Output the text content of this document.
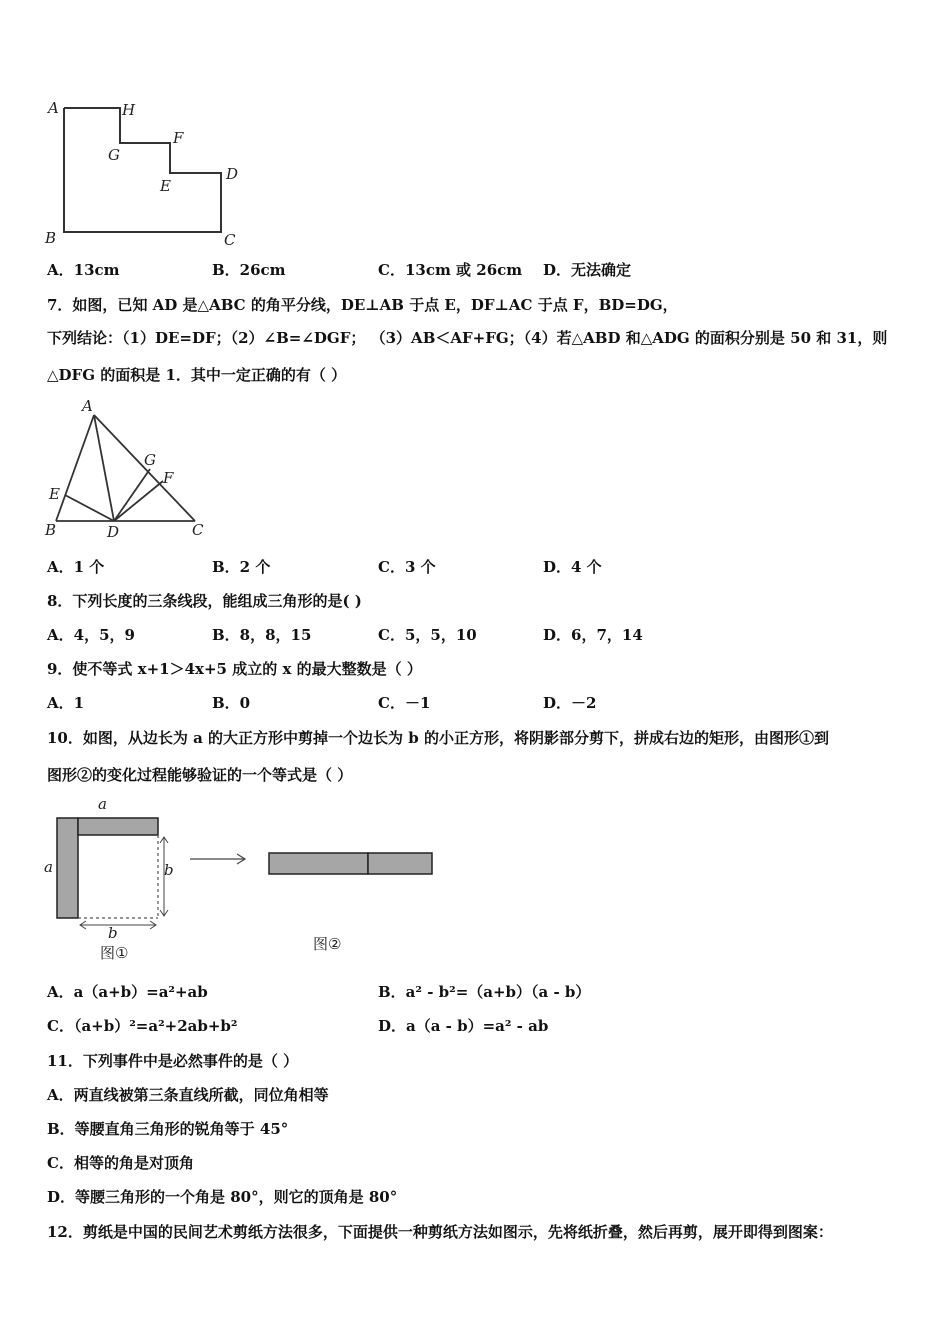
A	H
G
F
E
D
B	C
A．13cm	B．26cm	C．13cm 或 26cm D．无法确定
7．如图，已知 AD 是△ABC 的角平分线，DE⊥AB 于点 E，DF⊥AC 于点 F，BD=DG，
下列结论：（1）DE=DF；（2）∠B=∠DGF； （3）AB＜AF+FG；（4）若△ABD 和△ADG 的面积分别是 50 和 31，则
△DFG 的面积是 1．其中一定正确的有（ ）
A
G
F
E
B	D	C
A．1 个	B．2 个	C．3 个	D．4 个
8．下列长度的三条线段，能组成三角形的是( )
A．4，5，9	B．8，8，15	C．5，5，10	D．6，7，14
9．使不等式 x+1＞4x+5 成立的 x 的最大整数是（ ）
A．1	B．0	C．－1	D．－2
10．如图，从边长为 a 的大正方形中剪掉一个边长为 b 的小正方形，将阴影部分剪下，拼成右边的矩形，由图形①到
图形②的变化过程能够验证的一个等式是（ ）
a
a	b
b
图①	图②
A．a（a+b）=a²+ab	B．a² - b²=（a+b）（a - b）
C．（a+b）²=a²+2ab+b²	D．a（a - b）=a² - ab
11．下列事件中是必然事件的是（ ）
A．两直线被第三条直线所截，同位角相等
B．等腰直角三角形的锐角等于 45°
C．相等的角是对顶角
D．等腰三角形的一个角是 80°，则它的顶角是 80°
12．剪纸是中国的民间艺术剪纸方法很多，下面提供一种剪纸方法如图示，先将纸折叠，然后再剪，展开即得到图案：
